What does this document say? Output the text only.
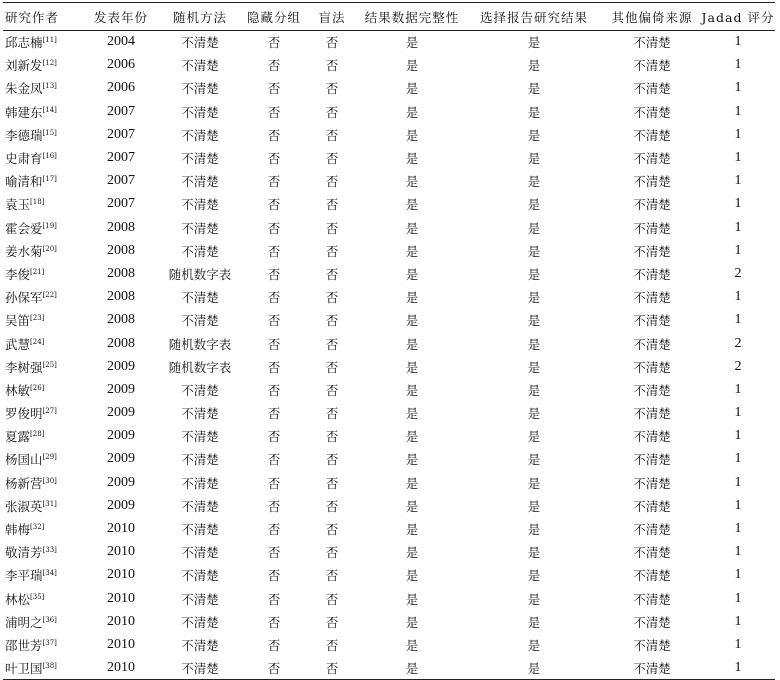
研究作者	发表年份	随机方法	隐藏分组	盲法	结果数据完整性	选择报告研究结果	其他偏倚来源	Jadad 评分
邱志楠[11]	2004	不清楚	否	否	是	是	不清楚	1
刘新发[12]	2006	不清楚	否	否	是	是	不清楚	1
朱金凤[13]	2006	不清楚	否	否	是	是	不清楚	1
韩建东[14]	2007	不清楚	否	否	是	是	不清楚	1
李德瑞[15]	2007	不清楚	否	否	是	是	不清楚	1
史肃育[16]	2007	不清楚	否	否	是	是	不清楚	1
喻清和[17]	2007	不清楚	否	否	是	是	不清楚	1
袁玉[18]	2007	不清楚	否	否	是	是	不清楚	1
霍会爱[19]	2008	不清楚	否	否	是	是	不清楚	1
姜水菊[20]	2008	不清楚	否	否	是	是	不清楚	1
李俊[21]	2008	随机数字表	否	否	是	是	不清楚	2
孙保军[22]	2008	不清楚	否	否	是	是	不清楚	1
吴笛[23]	2008	不清楚	否	否	是	是	不清楚	1
武慧[24]	2008	随机数字表	否	否	是	是	不清楚	2
李树强[25]	2009	随机数字表	否	否	是	是	不清楚	2
林敏[26]	2009	不清楚	否	否	是	是	不清楚	1
罗俊明[27]	2009	不清楚	否	否	是	是	不清楚	1
夏露[28]	2009	不清楚	否	否	是	是	不清楚	1
杨国山[29]	2009	不清楚	否	否	是	是	不清楚	1
杨新营[30]	2009	不清楚	否	否	是	是	不清楚	1
张淑英[31]	2009	不清楚	否	否	是	是	不清楚	1
韩梅[32]	2010	不清楚	否	否	是	是	不清楚	1
敬清芳[33]	2010	不清楚	否	否	是	是	不清楚	1
李平瑞[34]	2010	不清楚	否	否	是	是	不清楚	1
林松[35]	2010	不清楚	否	否	是	是	不清楚	1
浦明之[36]	2010	不清楚	否	否	是	是	不清楚	1
邵世芳[37]	2010	不清楚	否	否	是	是	不清楚	1
叶卫国[38]	2010	不清楚	否	否	是	是	不清楚	1
